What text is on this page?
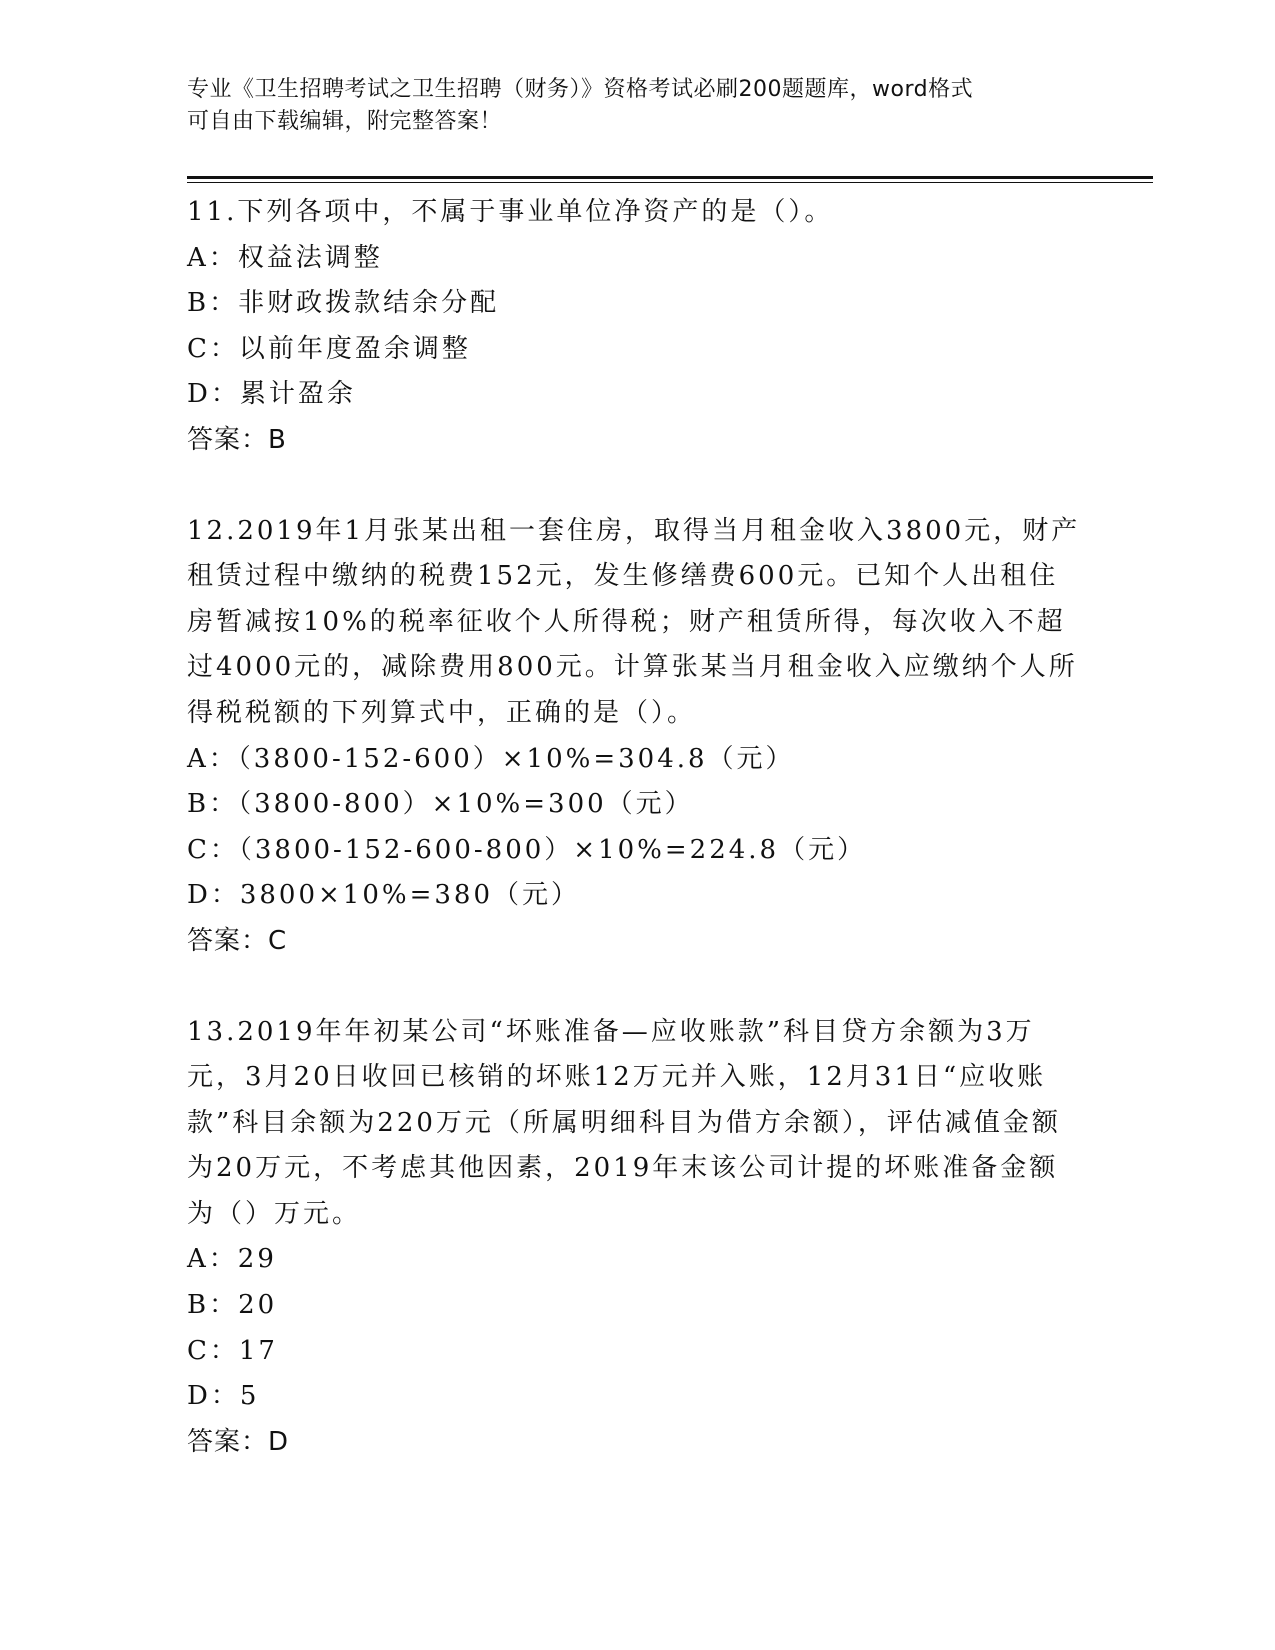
专业《卫生招聘考试之卫生招聘（财务）》资格考试必刷200题题库，word格式
可自由下载编辑，附完整答案！

11.下列各项中，不属于事业单位净资产的是（）。

A：权益法调整

B：非财政拨款结余分配

C：以前年度盈余调整

D：累计盈余

答案：B

12.2019年1月张某出租一套住房，取得当月租金收入3800元，财产租赁过程中缴纳的税费152元，发生修缮费600元。已知个人出租住房暂减按10%的税率征收个人所得税；财产租赁所得，每次收入不超过4000元的，减除费用800元。计算张某当月租金收入应缴纳个人所得税税额的下列算式中，正确的是（）。

A：（3800-152-600）×10%=304.8（元）

B：（3800-800）×10%=300（元）

C：（3800-152-600-800）×10%=224.8（元）

D：3800×10%=380（元）

答案：C

13.2019年年初某公司“坏账准备—应收账款”科目贷方余额为3万元，3月20日收回已核销的坏账12万元并入账，12月31日“应收账款”科目余额为220万元（所属明细科目为借方余额），评估减值金额为20万元，不考虑其他因素，2019年末该公司计提的坏账准备金额为（）万元。

A：29

B：20

C：17

D：5

答案：D
